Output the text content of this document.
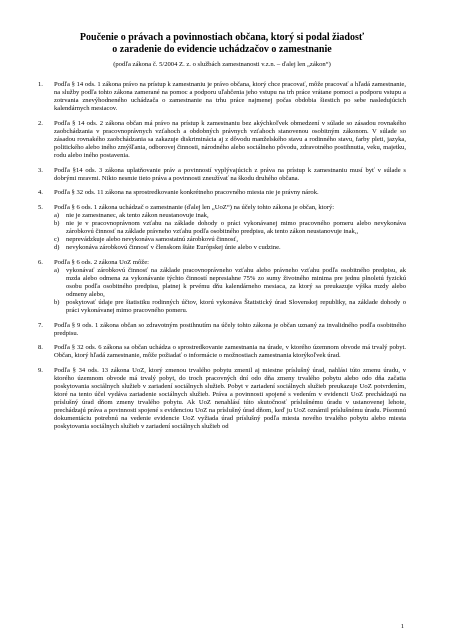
Poučenie o právach a povinnostiach občana, ktorý si podal žiadosť
o zaradenie do evidencie uchádzačov o zamestnanie

(podľa zákona č. 5/2004 Z. z. o službách zamestnanosti v.z.n. – ďalej len „zákon“)

1. Podľa § 14 ods. 1 zákona právo na prístup k zamestnaniu je právo občana, ktorý chce pracovať, môže pracovať a hľadá zamestnanie, na služby podľa tohto zákona zamerané na pomoc a podporu uľahčenia jeho vstupu na trh práce vrátane pomoci a podporu vstupu a zotrvania znevýhodneného uchádzača o zamestnanie na trhu práce najmenej počas obdobia šiestich po sebe nasledujúcich kalendárnych mesiacov.
2. Podľa § 14 ods. 2 zákona občan má právo na prístup k zamestnaniu bez akýchkoľvek obmedzení v súlade so zásadou rovnakého zaobchádzania v pracovnoprávnych vzťahoch a obdobných právnych vzťahoch stanovenou osobitným zákonom. V súlade so zásadou rovnakého zaobchádzania sa zakazuje diskriminácia aj z dôvodu manželského stavu a rodinného stavu, farby pleti, jazyka, politického alebo iného zmýšľania, odborovej činnosti, národného alebo sociálneho pôvodu, zdravotného postihnutia, veku, majetku, rodu alebo iného postavenia.
3. Podľa §14 ods. 3 zákona uplatňovanie práv a povinností vyplývajúcich z práva na prístup k zamestnaniu musí byť v súlade s dobrými mravmi. Nikto nesmie tieto práva a povinnosti zneužívať na škodu druhého občana.
4. Podľa § 32 ods. 11 zákona na sprostredkovanie konkrétneho pracovného miesta nie je právny nárok.
5. Podľa § 6 ods. 1 zákona uchádzač o zamestnanie (ďalej len „UoZ“) na účely tohto zákona je občan, ktorý:
a) nie je zamestnanec, ak tento zákon neustanovuje inak,
b) nie je v pracovnoprávnom vzťahu na základe dohody o práci vykonávanej mimo pracovného pomeru alebo nevykonáva zárobkovú činnosť na základe právneho vzťahu podľa osobitného predpisu, ak tento zákon neustanovuje inak,,
c) neprevádzkuje alebo nevykonáva samostatnú zárobkovú činnosť,
d) nevykonáva zárobkovú činnosť v členskom štáte Európskej únie alebo v cudzine.
6. Podľa § 6 ods. 2 zákona UoZ môže:
a) vykonávať zárobkovú činnosť na základe pracovnoprávneho vzťahu alebo právneho vzťahu podľa osobitného predpisu, ak mzda alebo odmena za vykonávanie týchto činností nepresiahne 75% zo sumy životného minima pre jednu plnoletú fyzickú osobu podľa osobitného predpisu, platnej k prvému dňu kalendárneho mesiaca, za ktorý sa preukazuje výška mzdy alebo odmeny alebo,
b) poskytovať údaje pre štatistiku rodinných účtov, ktorú vykonáva Štatistický úrad Slovenskej republiky, na základe dohody o práci vykonávanej mimo pracovného pomeru.
7. Podľa § 9 ods. 1 zákona občan so zdravotným postihnutím na účely tohto zákona je občan uznaný za invalidného podľa osobitného predpisu.
8. Podľa § 32 ods. 6 zákona sa občan uchádza o sprostredkovanie zamestnania na úrade, v ktorého územnom obvode má trvalý pobyt. Občan, ktorý hľadá zamestnanie, môže požiadať o informácie o možnostiach zamestnania ktorýkoľvek úrad.
9. Podľa § 34 ods. 13 zákona UoZ, ktorý zmenou trvalého pobytu zmenil aj miestne príslušný úrad, nahlási túto zmenu úradu, v ktorého územnom obvode má trvalý pobyt, do troch pracovných dní odo dňa zmeny trvalého pobytu alebo odo dňa začatia poskytovania sociálnych služieb v zariadení sociálnych služieb. Pobyt v zariadení sociálnych služieb preukazuje UoZ potvrdením, ktoré na tento účel vydáva zariadenie sociálnych služieb. Práva a povinnosti spojené s vedením v evidencii UoZ prechádzajú na príslušný úrad dňom zmeny trvalého pobytu. Ak UoZ nenahlásí túto skutočnosť príslušnému úradu v ustanovenej lehote, prechádzajú práva a povinnosti spojené s evidenciou UoZ na príslušný úrad dňom, keď ju UoZ oznámil príslušnému úradu. Písomnú dokumentáciu potrebnú na vedenie evidencie UoZ vyžiada úrad príslušný podľa miesta nového trvalého pobytu alebo miesta poskytovania sociálnych služieb v zariadení sociálnych služieb od
1
